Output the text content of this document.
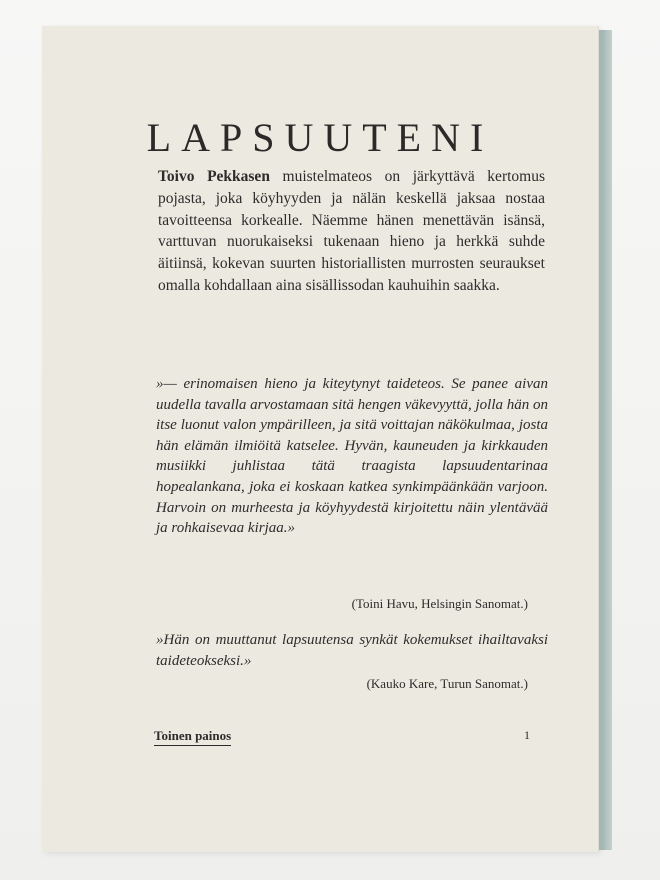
LAPSUUTENI

Toivo Pekkasen muistelmateos on järkyttävä kertomus pojasta, joka köyhyyden ja nälän keskellä jaksaa nostaa tavoitteensa korkealle. Näemme hänen menettävän isänsä, varttuvan nuorukaiseksi tukenaan hieno ja herkkä suhde äitiinsä, kokevan suurten historiallisten murrosten seuraukset omalla kohdallaan aina sisällissodan kauhuihin saakka.

»— erinomaisen hieno ja kiteytynyt taideteos. Se panee aivan uudella tavalla arvostamaan sitä hengen väkevyyttä, jolla hän on itse luonut valon ympärilleen, ja sitä voittajan näkökulmaa, josta hän elämän ilmiöitä katselee. Hyvän, kauneuden ja kirkkauden musiikki juhlistaa tätä traagista lapsuudentarinaa hopealankana, joka ei koskaan katkea synkimpäänkään varjoon. Harvoin on murheesta ja köyhyydestä kirjoitettu näin ylentävää ja rohkaisevaa kirjaa.»

(Toini Havu, Helsingin Sanomat.)

»Hän on muuttanut lapsuutensa synkät kokemukset ihailtavaksi taideteokseksi.»

(Kauko Kare, Turun Sanomat.)

Toinen painos	1
